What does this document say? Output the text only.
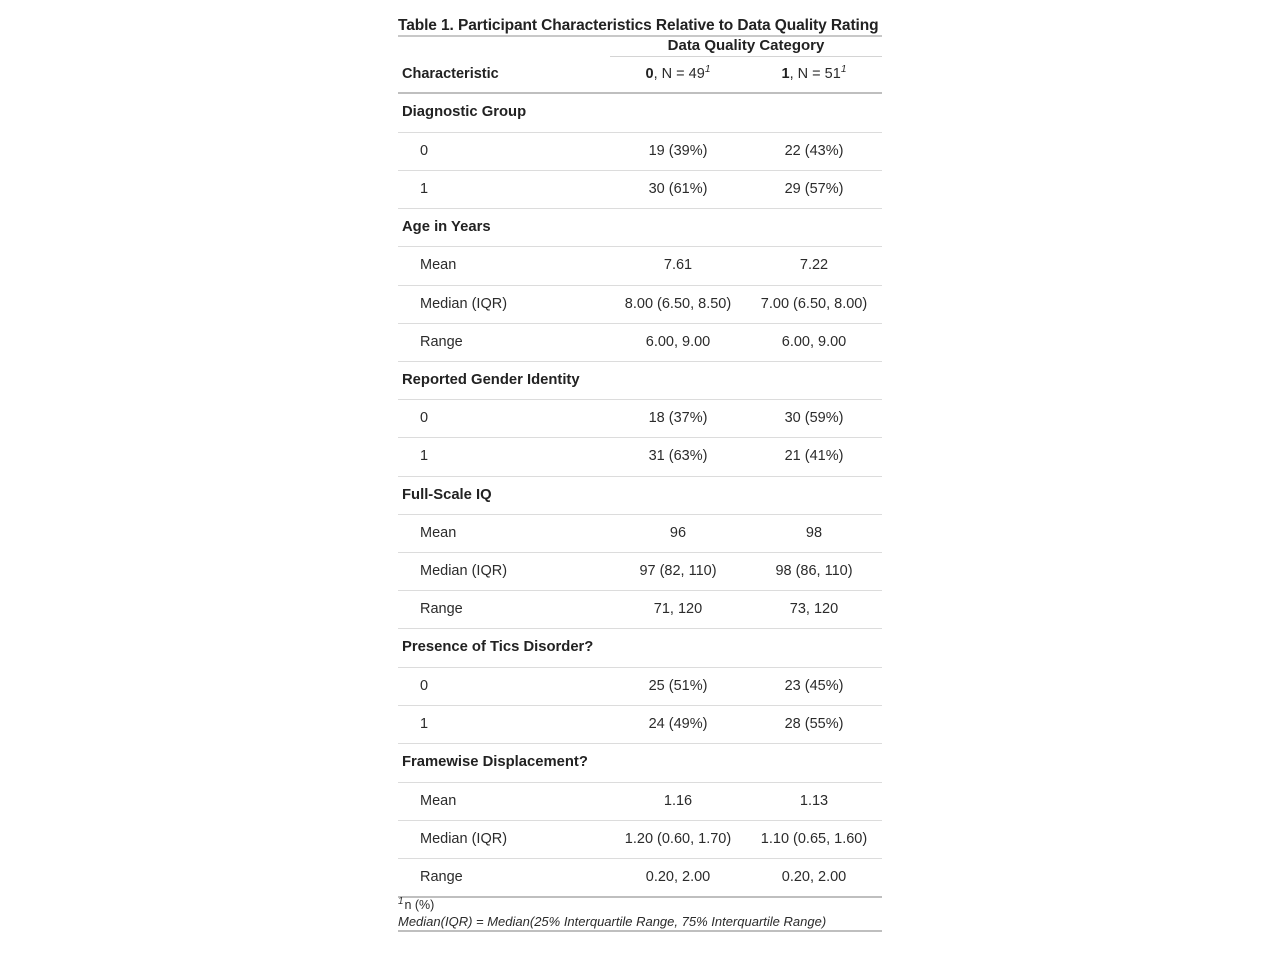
Table 1. Participant Characteristics Relative to Data Quality Rating		
	Data Quality Category	
Characteristic	0, $N = 49^1$	1, $N = 51^1$
Diagnostic Group		
0	19 (39%)	22 (43%)
1	30 (61%)	29 (57%)
Age in Years		
Mean	7.61	7.22
Median (IQR)	8.00 (6.50, 8.50)	7.00 (6.50, 8.00)
Range	6.00, 9.00	6.00, 9.00
Reported Gender Identity		
0	18 (37%)	30 (59%)
1	31 (63%)	21 (41%)
Full-Scale IQ		
Mean	96	98
Median (IQR)	97 (82, 110)	98 (86, 110)
Range	71, 120	73, 120
Presence of Tics Disorder?		
0	25 (51%)	23 (45%)
1	24 (49%)	28 (55%)
Framewise Displacement?		
Mean	1.16	1.13
Median (IQR)	1.20 (0.60, 1.70)	1.10 (0.65, 1.60)
Range	0.20, 2.00	0.20, 2.00
$^1$n (%)		
Median(IQR) = Median(25% Interquartile Range, 75% Interquartile Range)		
